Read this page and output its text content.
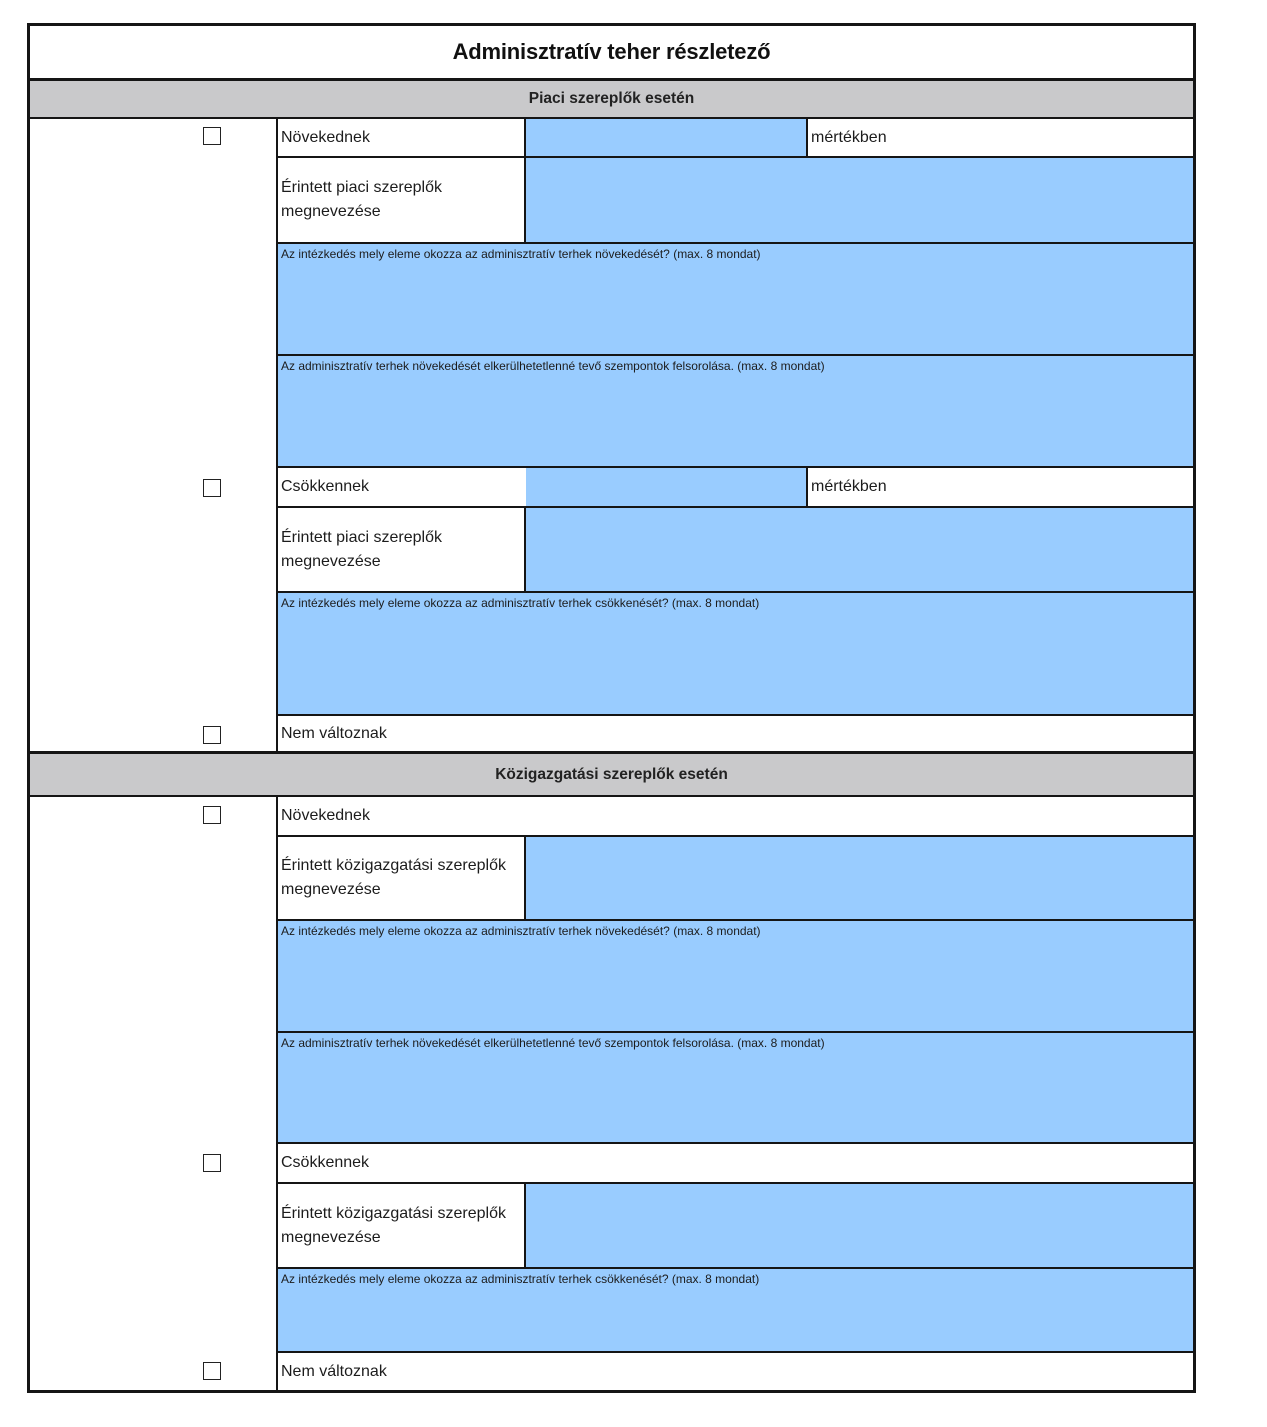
Adminisztratív teher részletező
Piaci szereplők esetén
Növekednek	mértékben
Érintett piaci szereplők megnevezése
Az intézkedés mely eleme okozza az adminisztratív terhek növekedését? (max. 8 mondat)
Az adminisztratív terhek növekedését elkerülhetetlenné tevő szempontok felsorolása. (max. 8 mondat)
Csökkennek	mértékben
Érintett piaci szereplők megnevezése
Az intézkedés mely eleme okozza az adminisztratív terhek csökkenését? (max. 8 mondat)
Nem változnak
Közigazgatási szereplők esetén
Növekednek
Érintett közigazgatási szereplők megnevezése
Az intézkedés mely eleme okozza az adminisztratív terhek növekedését? (max. 8 mondat)
Az adminisztratív terhek növekedését elkerülhetetlenné tevő szempontok felsorolása. (max. 8 mondat)
Csökkennek
Érintett közigazgatási szereplők megnevezése
Az intézkedés mely eleme okozza az adminisztratív terhek csökkenését? (max. 8 mondat)
Nem változnak
